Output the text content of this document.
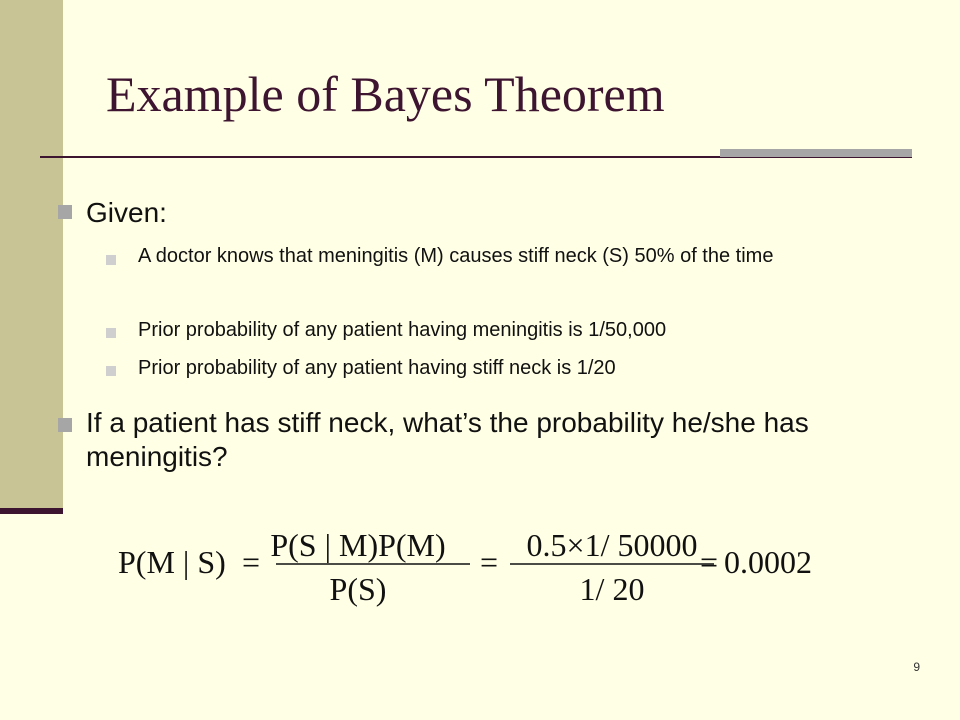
Example of Bayes Theorem

Given:

A doctor knows that meningitis (M) causes stiff neck (S) 50% of the time

Prior probability of any patient having meningitis is 1/50,000

Prior probability of any patient having stiff neck is 1/20

If a patient has stiff neck, what’s the probability he/she has meningitis?

P(M | S) = P(S | M)P(M)
P(S)
= 0.5×1/ 50000
1/ 20
= 0.0002
9
